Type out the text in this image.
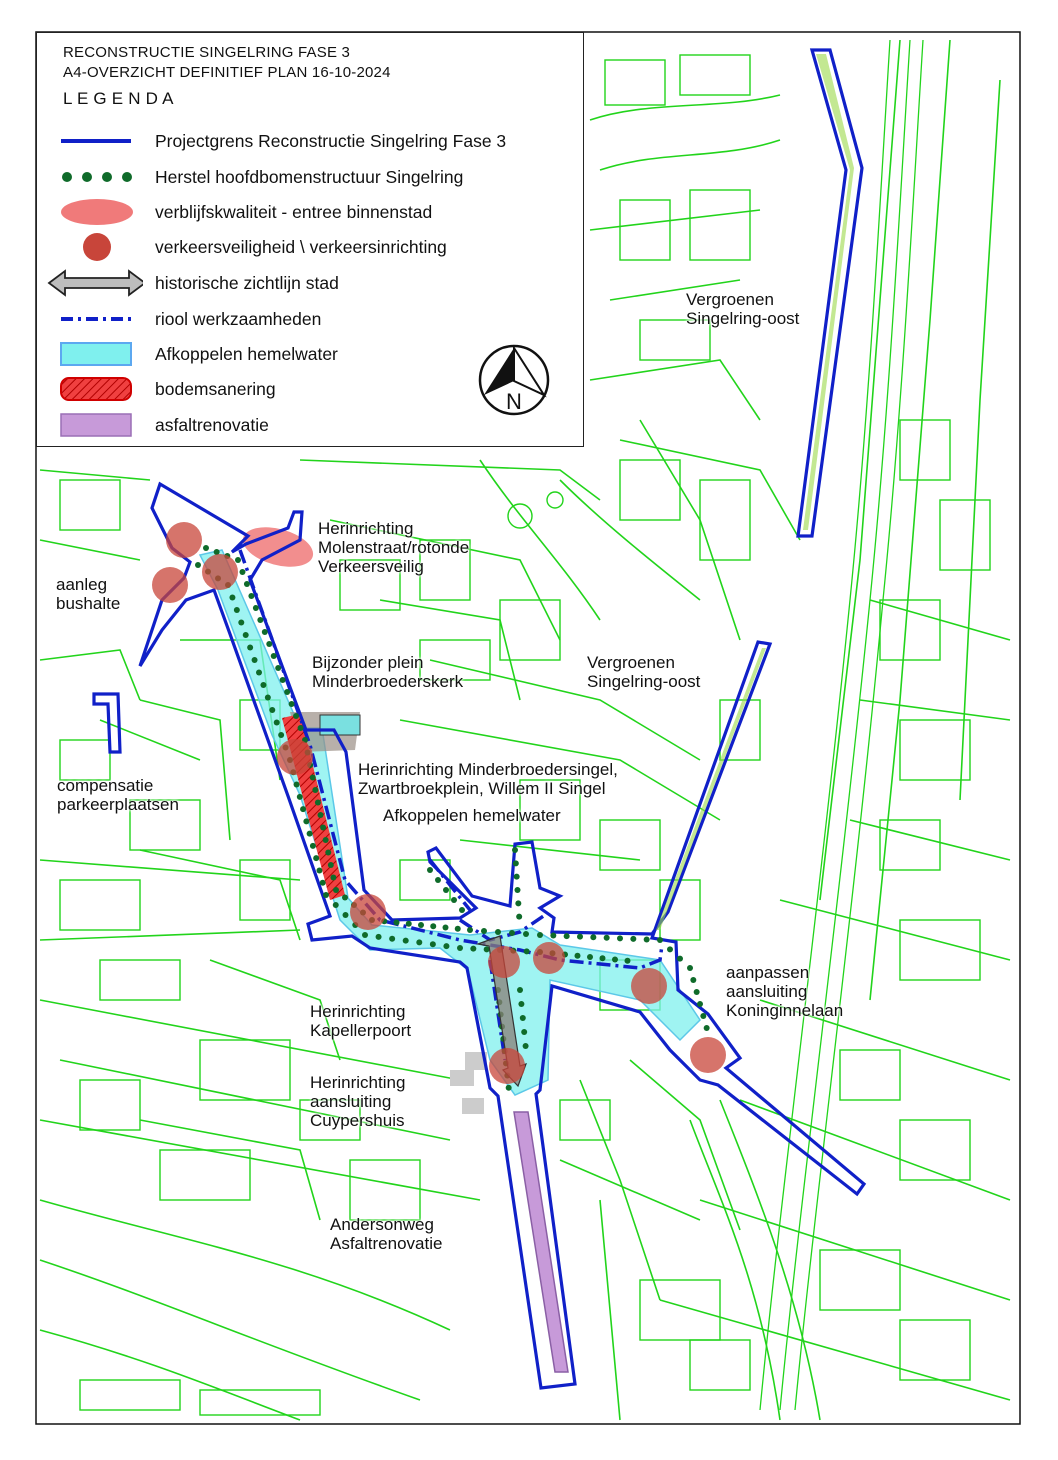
RECONSTRUCTIE SINGELRING FASE 3
A4-OVERZICHT DEFINITIEF PLAN 16-10-2024
L E G E N D A
Projectgrens Reconstructie Singelring Fase 3
Herstel hoofdbomenstructuur Singelring
verblijfskwaliteit - entree binnenstad
verkeersveiligheid \ verkeersinrichting
historische zichtlijn stad
riool werkzaamheden
Afkoppelen hemelwater
bodemsanering
asfaltrenovatie
N
Herinrichting
Molenstraat/rotonde
Verkeersveilig
aanleg
bushalte
Bijzonder plein
Minderbroederskerk
Vergroenen
Singelring-oost
Vergroenen
Singelring-oost
Herinrichting Minderbroedersingel,
Zwartbroekplein, Willem II Singel
Afkoppelen hemelwater
compensatie
parkeerplaatsen
aanpassen
aansluiting
Koninginnelaan
Herinrichting
Kapellerpoort
Herinrichting
aansluiting
Cuypershuis
Andersonweg
Asfaltrenovatie
